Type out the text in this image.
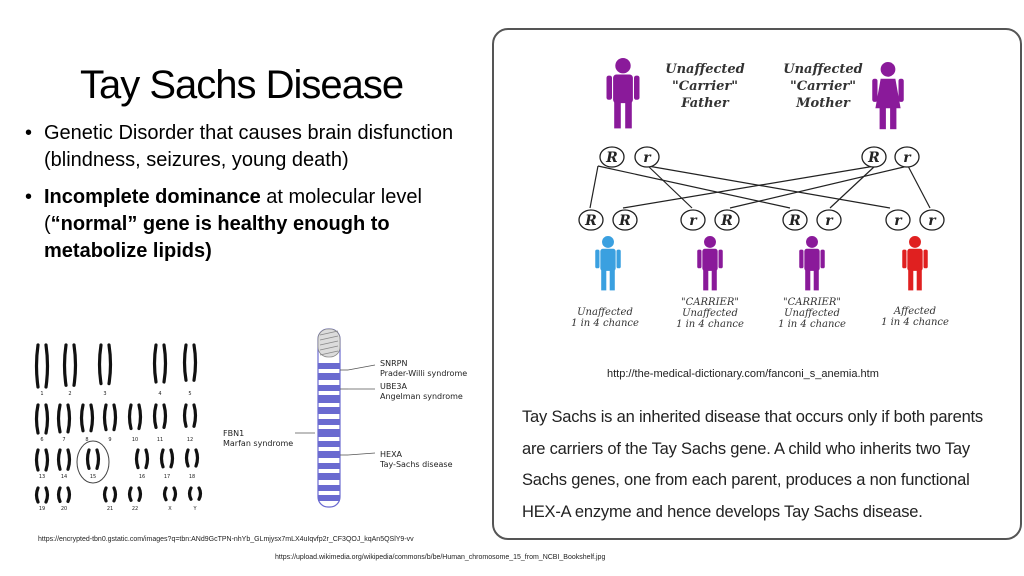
Tay Sachs Disease
• Genetic Disorder that causes brain disfunction (blindness, seizures, young death)
• Incomplete dominance at molecular level (“normal” gene is healthy enough to metabolize lipids)
1	2	3	4	5
6	7	8	9	10	11	12
13	14	15	16	17	18
19	20	21	22	X	Y
SNRPN
Prader-Willi syndrome
UBE3A
Angelman syndrome
FBN1
Marfan syndrome
HEXA
Tay-Sachs disease
https://encrypted-tbn0.gstatic.com/images?q=tbn:ANd9GcTPN-nhYb_GLmjysx7mLX4uIqvfp2r_CF3QOJ_kqAn5QSlY9-vv
https://upload.wikimedia.org/wikipedia/commons/b/be/Human_chromosome_15_from_NCBI_Bookshelf.jpg
R r	R r
R R	r R	R r	r r
Unaffected
"Carrier"
Father
Unaffected
"Carrier"
Mother
Unaffected
1 in 4 chance
"CARRIER"
Unaffected
1 in 4 chance
"CARRIER"
Unaffected
1 in 4 chance
Affected
1 in 4 chance
http://the-medical-dictionary.com/fanconi_s_anemia.htm
Tay Sachs is an inherited disease that occurs only if both parents are carriers of the Tay Sachs gene. A child who inherits two Tay Sachs genes, one from each parent, produces a non functional HEX-A enzyme and hence develops Tay Sachs disease.
